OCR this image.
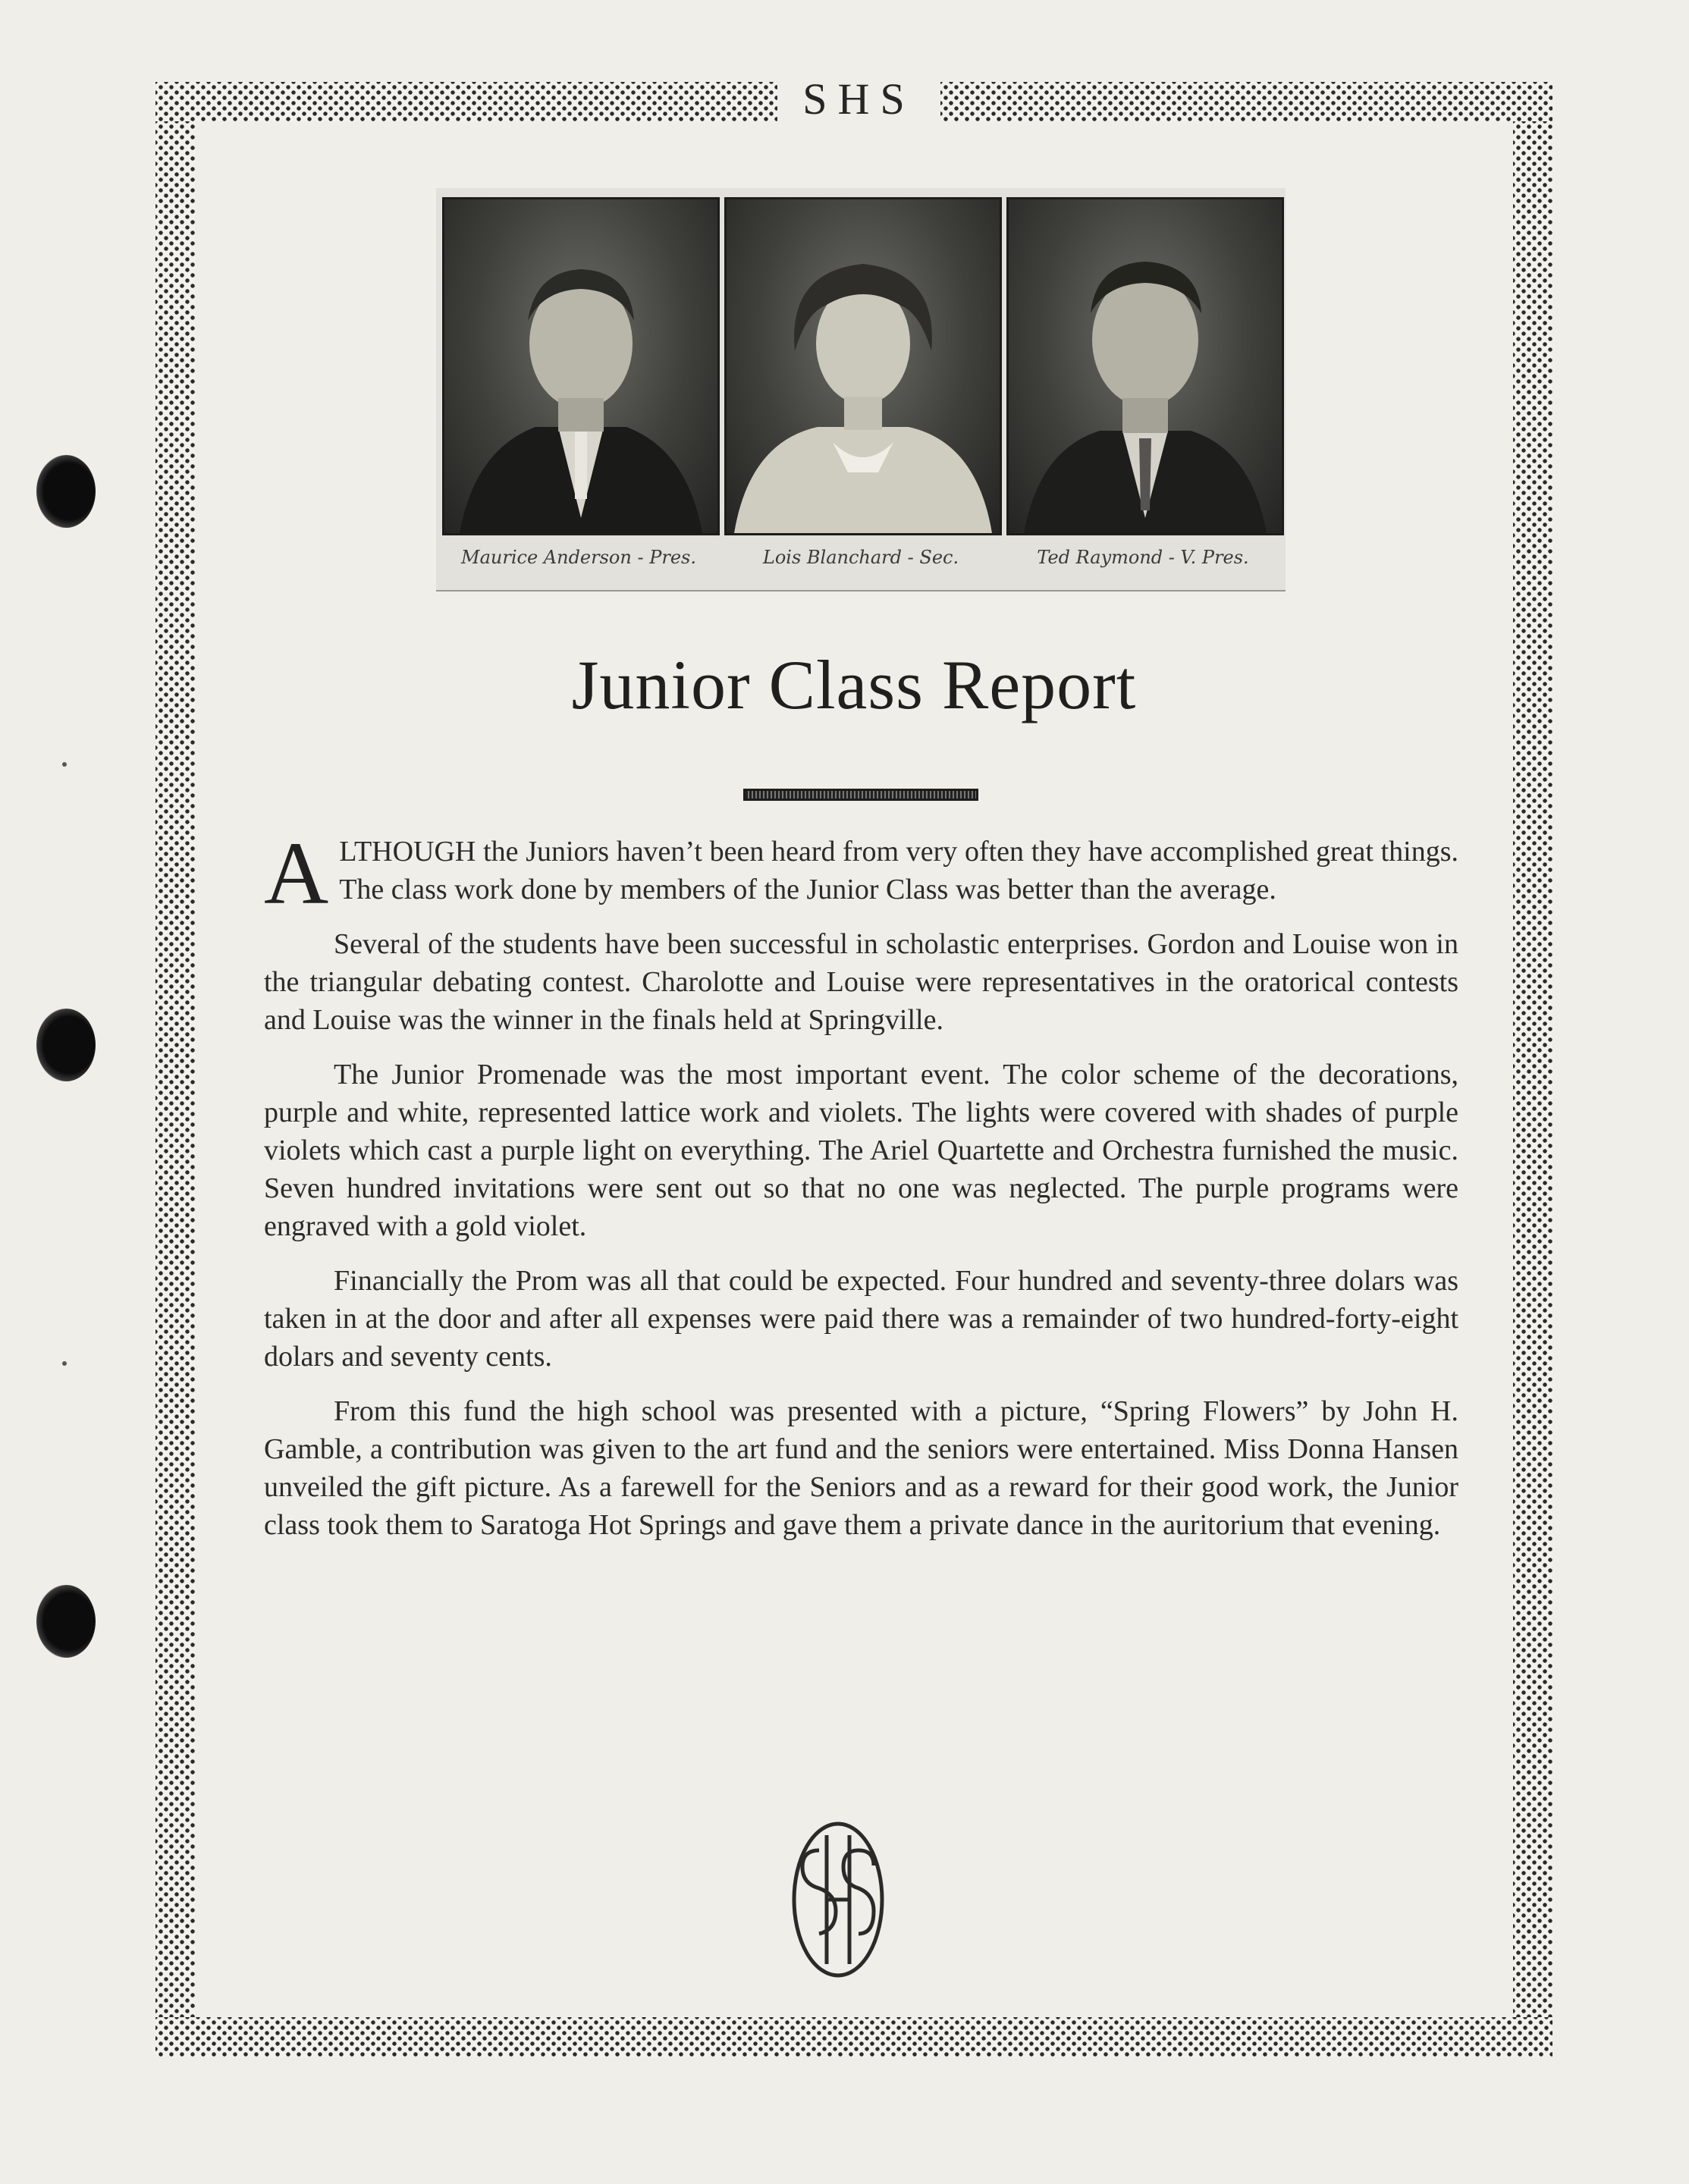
SHS
Maurice Anderson - Pres.	Lois Blanchard - Sec.	Ted Raymond - V. Pres.
Junior Class Report

ALTHOUGH the Juniors haven’t been heard from very often they have accomplished great things. The class work done by members of the Junior Class was better than the average.

Several of the students have been successful in scholastic enterprises. Gordon and Louise won in the triangular debating contest. Charolotte and Louise were representatives in the oratorical contests and Louise was the winner in the finals held at Springville.

The Junior Promenade was the most important event. The color scheme of the decorations, purple and white, represented lattice work and violets. The lights were covered with shades of purple violets which cast a purple light on everything. The Ariel Quartette and Orchestra furnished the music. Seven hundred invitations were sent out so that no one was neglected. The purple programs were engraved with a gold violet.

Financially the Prom was all that could be expected. Four hundred and seventy-three dolars was taken in at the door and after all expenses were paid there was a remainder of two hundred-forty-eight dolars and seventy cents.

From this fund the high school was presented with a picture, “Spring Flowers” by John H. Gamble, a contribution was given to the art fund and the seniors were entertained. Miss Donna Hansen unveiled the gift picture. As a farewell for the Seniors and as a reward for their good work, the Junior class took them to Saratoga Hot Springs and gave them a private dance in the auritorium that evening.
